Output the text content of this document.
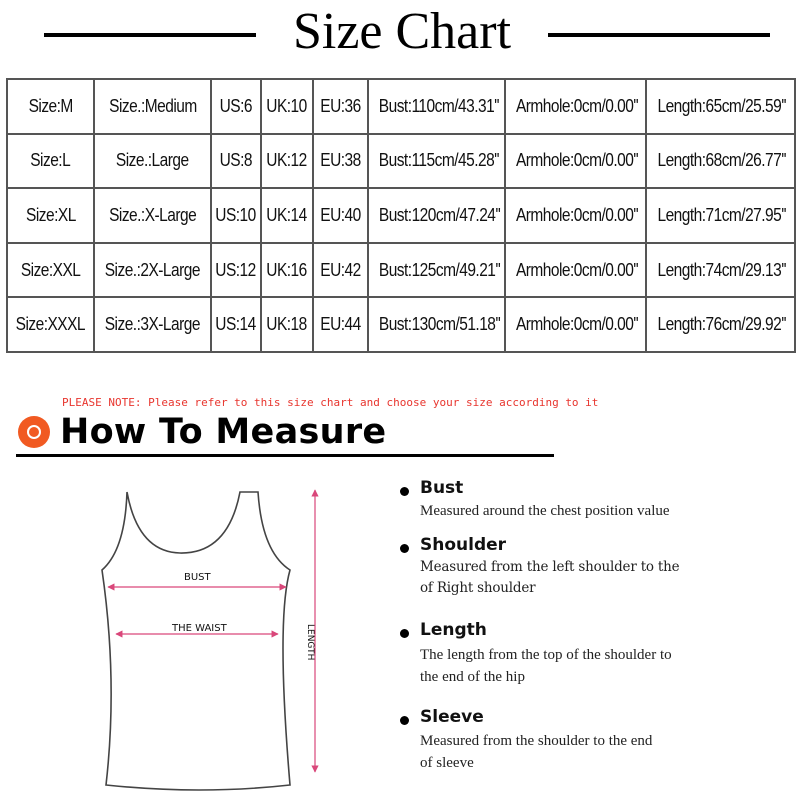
Size Chart
Size:M	Size.:Medium	US:6	UK:10	EU:36	Bust:110cm/43.31''	Armhole:0cm/0.00''	Length:65cm/25.59''
Size:L	Size.:Large	US:8	UK:12	EU:38	Bust:115cm/45.28''	Armhole:0cm/0.00''	Length:68cm/26.77''
Size:XL	Size.:X-Large	US:10	UK:14	EU:40	Bust:120cm/47.24''	Armhole:0cm/0.00''	Length:71cm/27.95''
Size:XXL	Size.:2X-Large	US:12	UK:16	EU:42	Bust:125cm/49.21''	Armhole:0cm/0.00''	Length:74cm/29.13''
Size:XXXL	Size.:3X-Large	US:14	UK:18	EU:44	Bust:130cm/51.18''	Armhole:0cm/0.00''	Length:76cm/29.92''
PLEASE NOTE: Please refer to this size chart and choose your size according to it
How To Measure
BUST
THE WAIST	LENGTH
Bust
Measured around the chest position value
Shoulder
Measured from the left shoulder to the
of Right shoulder
Length
The length from the top of the shoulder to
the end of the hip
Sleeve
Measured from the shoulder to the end
of sleeve
